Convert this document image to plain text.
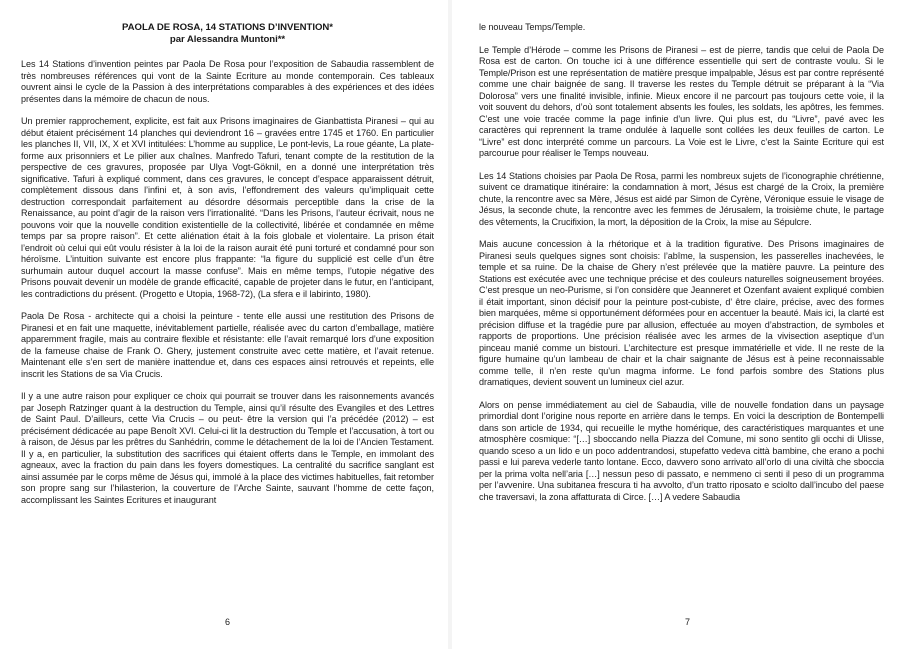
PAOLA DE ROSA, 14 STATIONS D’INVENTION*

par Alessandra Muntoni**

Les 14 Stations d’invention peintes par Paola De Rosa pour l’exposition de Sabaudia rassemblent de très nombreuses références qui vont de la Sainte Ecriture au monde contemporain. Ces tableaux ouvrent ainsi le cycle de la Passion à des interprétations comparables à des expériences et des idées présentes dans la mémoire de chacun de nous.

Un premier rapprochement, explicite, est fait aux Prisons imaginaires de Gianbattista Piranesi – qui au début étaient précisément 14 planches qui deviendront 16 – gravées entre 1745 et 1760. En particulier les planches II, VII, IX, X et XVI intitulées: L’homme au supplice, Le pont-levis, La roue géante, La plate-forme aux prisonniers et Le pilier aux chaînes. Manfredo Tafuri, tenant compte de la restitution de la perspective de ces gravures, proposée par Ulya Vogt-Göknil, en a donné une interprétation très significative. Tafuri à expliqué comment, dans ces gravures, le concept d’espace apparaissent détruit, complètement dissous dans l’infini et, à son avis, l’effondrement des valeurs qu’impliquait cette destruction correspondait parfaitement au désordre désormais perceptible dans la crise de la Renaissance, au point d’agir de la raison vers l’irrationalité. “Dans les Prisons, l’auteur écrivait, nous ne pouvons voir que la nouvelle condition existentielle de la collectivité, libérée et condamnée en même temps par sa propre raison”. Et cette aliénation était à la fois globale et violentaire. La prison était l’endroit où celui qui eût voulu résister à la loi de la raison aurait été puni torturé et condamné pour son héroïsme. L’intuition suivante est encore plus frappante: “la figure du supplicié est celle d’un être surhumain autour duquel accourt la masse confuse”. Mais en même temps, l’utopie négative des Prisons pouvait devenir un modèle de grande efficacité, capable de projeter dans le futur, en l’anticipant, les contradictions du présent. (Progetto e Utopia, 1968-72), (La sfera e il labirinto, 1980).

Paola De Rosa - architecte qui a choisi la peinture - tente elle aussi une restitution des Prisons de Piranesi et en fait une maquette, inévitablement partielle, réalisée avec du carton d’emballage, matière apparemment fragile, mais au contraire flexible et résistante: elle l’avait remarqué lors d’une exposition de la fameuse chaise de Frank O. Ghery, justement construite avec cette matière, et l’avait retenue. Maintenant elle s’en sert de manière inattendue et, dans ces espaces ainsi retrouvés et repeints, elle inscrit les Stations de sa Via Crucis.

Il y a une autre raison pour expliquer ce choix qui pourrait se trouver dans les raisonnements avancés par Joseph Ratzinger quant à la destruction du Temple, ainsi qu’il résulte des Evangiles et des Lettres de Saint Paul. D’ailleurs, cette Via Crucis – ou peut- être la version qui l’a précédée (2012) – est précisément dédicacée au pape Benoît XVI. Celui-ci lit la destruction du Temple et l’accusation, à tort ou à raison, de Jésus par les prêtres du Sanhédrin, comme le détachement de la loi de l’Ancien Testament. Il y a, en particulier, la substitution des sacrifices qui étaient offerts dans le Temple, en immolant des agneaux, avec la fraction du pain dans les foyers domestiques. La centralité du sacrifice sanglant est ainsi assumée par le corps même de Jésus qui, immolé à la place des victimes habituelles, fait retomber son propre sang sur l’hilasterion, la couverture de l’Arche Sainte, sauvant l’homme de cette façon, accomplissant les Saintes Ecritures et inaugurant

6

le nouveau Temps/Temple.

Le Temple d’Hérode – comme les Prisons de Piranesi – est de pierre, tandis que celui de Paola De Rosa est de carton. On touche ici à une différence essentielle qui sert de contraste voulu. Si le Temple/Prison est une représentation de matière presque impalpable, Jésus est par contre représenté comme une chair baignée de sang. Il traverse les restes du Temple détruit se préparant à la “Via Dolorosa” vers une finalité invisible, infinie. Mieux encore il ne parcourt pas toujours cette voie, il la voit souvent du dehors, d’où sont totalement absents les foules, les soldats, les apôtres, les femmes. C’est une voie tracée comme la page infinie d’un livre. Qui plus est, du “Livre”, pavé avec les caractères qui reprennent la trame ondulée à laquelle sont collées les deux feuilles de carton. Le “Livre” est donc interprété comme un parcours. La Voie est le Livre, c’est la Sainte Ecriture qui est parcourue pour réaliser le Temps nouveau.

Les 14 Stations choisies par Paola De Rosa, parmi les nombreux sujets de l’iconographie chrétienne, suivent ce dramatique itinéraire: la condamnation à mort, Jésus est chargé de la Croix, la première chute, la rencontre avec sa Mère, Jésus est aidé par Simon de Cyrène, Véronique essuie le visage de Jésus, la seconde chute, la rencontre avec les femmes de Jérusalem, la troisième chute, le partage des vêtements, la Crucifixion, la mort, la déposition de la Croix, la mise au Sépulcre.

Mais aucune concession à la rhétorique et à la tradition figurative. Des Prisons imaginaires de Piranesi seuls quelques signes sont choisis: l’abîme, la suspension, les passerelles inachevées, le temple et sa ruine. De la chaise de Ghery n’est prélevée que la matière pauvre. La peinture des Stations est exécutée avec une technique précise et des couleurs naturelles soigneusement broyées. C’est presque un neo-Purisme, si l’on considère que Jeanneret et Ozenfant avaient expliqué combien il était important, sinon décisif pour la peinture post-cubiste, d’ être claire, précise, avec des formes bien marquées, même si opportunément déformées pour en accentuer la beauté. Mais ici, la clarté est précision diffuse et la tragédie pure par allusion, effectuée au moyen d’abstraction, de symboles et rapports de proportions. Une précision réalisée avec les armes de la vivisection aseptique d’un pinceau manié comme un bistouri. L’architecture est presque immatérielle et vide. Il ne reste de la figure humaine qu’un lambeau de chair et la chair saignante de Jésus est à peine reconnaissable comme telle, il n’en reste qu’un magma informe. Le fond parfois sombre des Stations plus dramatiques, devient souvent un lumineux ciel azur.

Alors on pense immédiatement au ciel de Sabaudia, ville de nouvelle fondation dans un paysage primordial dont l’origine nous reporte en arrière dans le temps. En voici la description de Bontempelli dans son article de 1934, qui recueille le mythe homérique, des caractéristiques marquantes et une atmosphère cosmique: “[…] sboccando nella Piazza del Comune, mi sono sentito gli occhi di Ulisse, quando sceso a un lido e un poco addentrandosi, stupefatto vedeva città bambine, che erano a pochi passi e lui pareva vederle tanto lontane. Ecco, davvero sono arrivato all’orlo di una civiltà che sboccia per la prima volta nell’aria […] nessun peso di passato, e nemmeno ci senti il peso di un programma per l’avvenire. Una subitanea frescura ti ha avvolto, d’un tratto riposato e sciolto dall’incubo del paese che traversavi, la zona affatturata di Circe. […] A vedere Sabaudia

7
